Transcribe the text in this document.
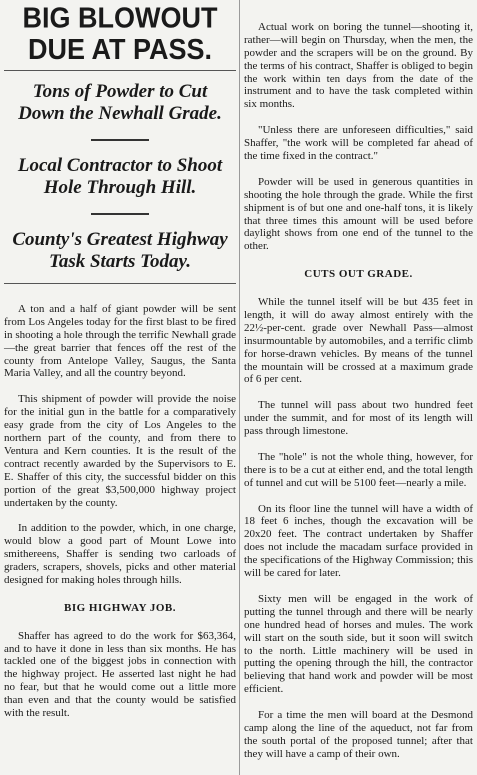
BIG BLOWOUT DUE AT PASS.
Tons of Powder to Cut Down the Newhall Grade.
Local Contractor to Shoot Hole Through Hill.
County's Greatest Highway Task Starts Today.

A ton and a half of giant powder will be sent from Los Angeles today for the first blast to be fired in shooting a hole through the terrific Newhall grade—the great barrier that fences off the rest of the county from Antelope Valley, Saugus, the Santa Maria Valley, and all the country beyond.

This shipment of powder will provide the noise for the initial gun in the battle for a comparatively easy grade from the city of Los Angeles to the northern part of the county, and from there to Ventura and Kern counties. It is the result of the contract recently awarded by the Supervisors to E. E. Shaffer of this city, the successful bidder on this portion of the great $3,500,000 highway project undertaken by the county.

In addition to the powder, which, in one charge, would blow a good part of Mount Lowe into smithereens, Shaffer is sending two carloads of graders, scrapers, shovels, picks and other material designed for making holes through hills.

BIG HIGHWAY JOB.

Shaffer has agreed to do the work for $63,364, and to have it done in less than six months. He has tackled one of the biggest jobs in connection with the highway project. He asserted last night he had no fear, but that he would come out a little more than even and that the county would be satisfied with the result.

Actual work on boring the tunnel—shooting it, rather—will begin on Thursday, when the men, the powder and the scrapers will be on the ground. By the terms of his contract, Shaffer is obliged to begin the work within ten days from the date of the instrument and to have the task completed within six months.

"Unless there are unforeseen difficulties," said Shaffer, "the work will be completed far ahead of the time fixed in the contract."

Powder will be used in generous quantities in shooting the hole through the grade. While the first shipment is of but one and one-half tons, it is likely that three times this amount will be used before daylight shows from one end of the tunnel to the other.

CUTS OUT GRADE.

While the tunnel itself will be but 435 feet in length, it will do away almost entirely with the 22½-per-cent. grade over Newhall Pass—almost insurmountable by automobiles, and a terrific climb for horse-drawn vehicles. By means of the tunnel the mountain will be crossed at a maximum grade of 6 per cent.

The tunnel will pass about two hundred feet under the summit, and for most of its length will pass through limestone.

The "hole" is not the whole thing, however, for there is to be a cut at either end, and the total length of tunnel and cut will be 5100 feet—nearly a mile.

On its floor line the tunnel will have a width of 18 feet 6 inches, though the excavation will be 20x20 feet. The contract undertaken by Shaffer does not include the macadam surface provided in the specifications of the Highway Commission; this will be cared for later.

Sixty men will be engaged in the work of putting the tunnel through and there will be nearly one hundred head of horses and mules. The work will start on the south side, but it soon will switch to the north. Little machinery will be used in putting the opening through the hill, the contractor believing that hand work and powder will be most efficient.

For a time the men will board at the Desmond camp along the line of the aqueduct, not far from the south portal of the proposed tunnel; after that they will have a camp of their own.
